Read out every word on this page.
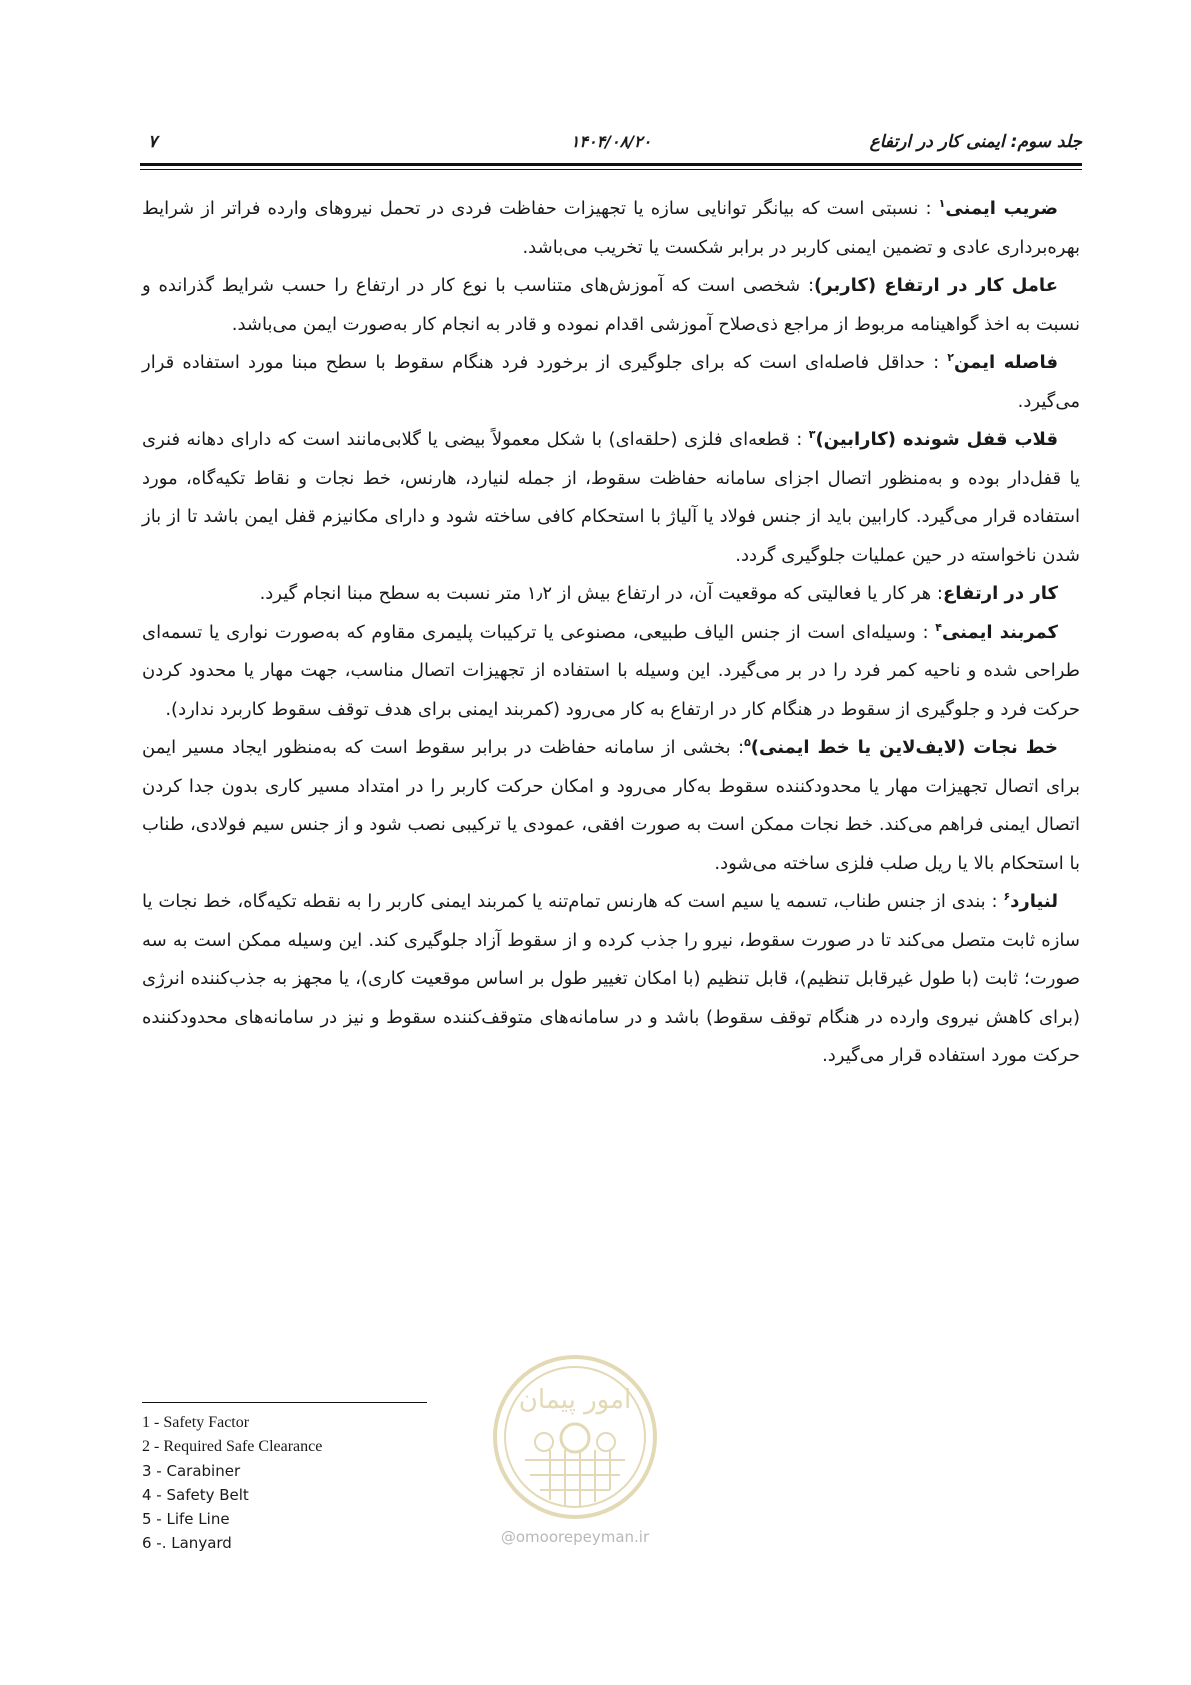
جلد سوم: ایمنی کار در ارتفاع
۱۴۰۴/۰۸/۲۰
۷

ضریب ایمنی$^۱$ : نسبتی است که بیانگر توانایی سازه یا تجهیزات حفاظت فردی در تحمل نیروهای وارده فراتر از شرایط بهره‌برداری عادی و تضمین ایمنی کاربر در برابر شکست یا تخریب می‌باشد.

عامل کار در ارتفاع (کاربر): شخصی است که آموزش‌های متناسب با نوع کار در ارتفاع را حسب شرایط گذرانده و نسبت به اخذ گواهینامه مربوط از مراجع ذی‌صلاح آموزشی اقدام نموده و قادر به انجام کار به‌صورت ایمن می‌باشد.

فاصله ایمن$^۲$ : حداقل فاصله‌ای است که برای جلوگیری از برخورد فرد هنگام سقوط با سطح مبنا مورد استفاده قرار می‌گیرد.

قلاب قفل شونده (کارابین)$^۳$ : قطعه‌ای فلزی (حلقه‌ای) با شکل معمولاً بیضی یا گلابی‌مانند است که دارای دهانه فنری یا قفل‌دار بوده و به‌منظور اتصال اجزای سامانه حفاظت سقوط، از جمله لنیارد، هارنس، خط نجات و نقاط تکیه‌گاه، مورد استفاده قرار می‌گیرد. کارابین باید از جنس فولاد یا آلیاژ با استحکام کافی ساخته شود و دارای مکانیزم قفل ایمن باشد تا از باز شدن ناخواسته در حین عملیات جلوگیری گردد.

کار در ارتفاع: هر کار یا فعالیتی که موقعیت آن، در ارتفاع بیش از ۱٫۲ متر نسبت به سطح مبنا انجام گیرد.

کمربند ایمنی$^۴$ : وسیله‌ای است از جنس الیاف طبیعی، مصنوعی یا ترکیبات پلیمری مقاوم که به‌صورت نواری یا تسمه‌ای طراحی شده و ناحیه کمر فرد را در بر می‌گیرد. این وسیله با استفاده از تجهیزات اتصال مناسب، جهت مهار یا محدود کردن حرکت فرد و جلوگیری از سقوط در هنگام کار در ارتفاع به کار می‌رود (کمربند ایمنی برای هدف توقف سقوط کاربرد ندارد).

خط نجات (لایف‌لاین یا خط ایمنی)$^۵$: بخشی از سامانه حفاظت در برابر سقوط است که به‌منظور ایجاد مسیر ایمن برای اتصال تجهیزات مهار یا محدودکننده سقوط به‌کار می‌رود و امکان حرکت کاربر را در امتداد مسیر کاری بدون جدا کردن اتصال ایمنی فراهم می‌کند. خط نجات ممکن است به صورت افقی، عمودی یا ترکیبی نصب شود و از جنس سیم فولادی، طناب با استحکام بالا یا ریل صلب فلزی ساخته می‌شود.

لنیارد$^۶$ : بندی از جنس طناب، تسمه یا سیم است که هارنس تمام‌تنه یا کمربند ایمنی کاربر را به نقطه تکیه‌گاه، خط نجات یا سازه ثابت متصل می‌کند تا در صورت سقوط، نیرو را جذب کرده و از سقوط آزاد جلوگیری کند. این وسیله ممکن است به سه صورت؛ ثابت (با طول غیرقابل تنظیم)، قابل تنظیم (با امکان تغییر طول بر اساس موقعیت کاری)، یا مجهز به جذب‌کننده انرژی (برای کاهش نیروی وارده در هنگام توقف سقوط) باشد و در سامانه‌های متوقف‌کننده سقوط و نیز در سامانه‌های محدودکننده حرکت مورد استفاده قرار می‌گیرد.

امور پیمان
@omoorepeyman.ir
1 - Safety Factor
2 - Required Safe Clearance
3 - Carabiner
4 - Safety Belt
5 - Life Line
6 -. Lanyard
